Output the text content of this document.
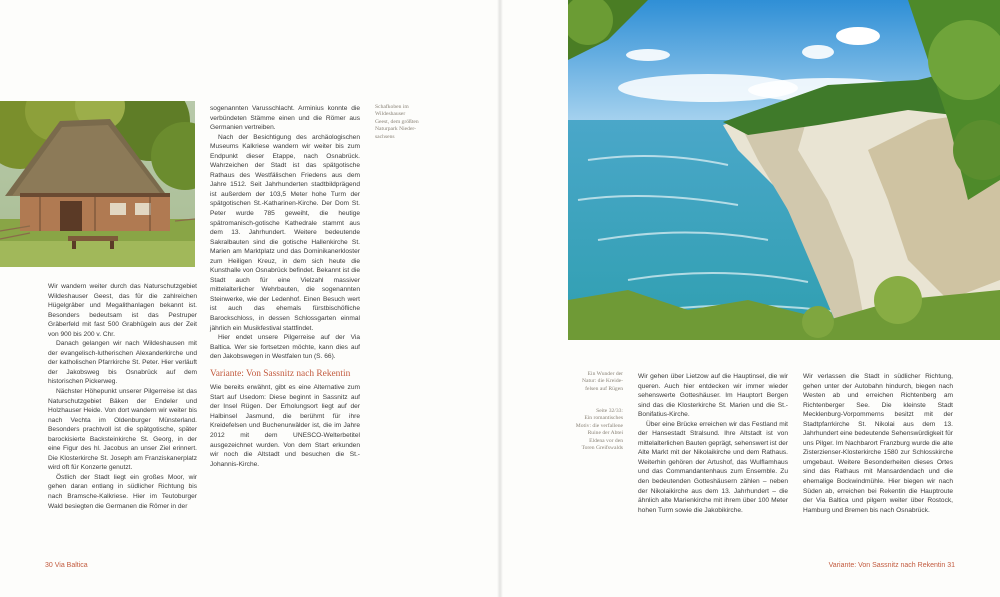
Schafkoben im
Wildeshauser
Geest, dem größten
Naturpark Nieder-
sachsens

Wir wandern weiter durch das Naturschutzgebiet Wildeshauser Geest, das für die zahlreichen Hügelgräber und Megalithanlagen bekannt ist. Besonders bedeutsam ist das Pestruper Gräberfeld mit fast 500 Grabhügeln aus der Zeit von 900 bis 200 v. Chr.

Danach gelangen wir nach Wildeshausen mit der evangelisch-lutherischen Alexanderkirche und der katholischen Pfarrkirche St. Peter. Hier verläuft der Jakobsweg bis Osnabrück auf dem historischen Pickerweg.

Nächster Höhepunkt unserer Pilgerreise ist das Naturschutzgebiet Bäken der Endeler und Holzhauser Heide. Von dort wandern wir weiter bis nach Vechta im Oldenburger Münsterland. Besonders prachtvoll ist die spätgotische, später barockisierte Backsteinkirche St. Georg, in der eine Figur des hl. Jacobus an unser Ziel erinnert. Die Klosterkirche St. Joseph am Franziskanerplatz wird oft für Konzerte genutzt.

Östlich der Stadt liegt ein großes Moor, wir gehen daran entlang in südlicher Richtung bis nach Bramsche-Kalkriese. Hier im Teutoburger Wald besiegten die Germanen die Römer in der

sogenannten Varusschlacht. Arminius konnte die verbündeten Stämme einen und die Römer aus Germanien vertreiben.

Nach der Besichtigung des archäologischen Museums Kalkriese wandern wir weiter bis zum Endpunkt dieser Etappe, nach Osnabrück. Wahrzeichen der Stadt ist das spätgotische Rathaus des Westfälischen Friedens aus dem Jahre 1512. Seit Jahrhunderten stadtbildprägend ist außerdem der 103,5 Meter hohe Turm der spätgotischen St.-Katharinen-Kirche. Der Dom St. Peter wurde 785 geweiht, die heutige spätromanisch-gotische Kathedrale stammt aus dem 13. Jahrhundert. Weitere bedeutende Sakralbauten sind die gotische Hallenkirche St. Marien am Marktplatz und das Dominikanerkloster zum Heiligen Kreuz, in dem sich heute die Kunsthalle von Osnabrück befindet. Bekannt ist die Stadt auch für eine Vielzahl massiver mittelalterlicher Wehrbauten, die sogenannten Steinwerke, wie der Ledenhof. Einen Besuch wert ist auch das ehemals fürstbischöfliche Barockschloss, in dessen Schlossgarten einmal jährlich ein Musikfestival stattfindet.

Hier endet unsere Pilgerreise auf der Via Baltica. Wer sie fortsetzen möchte, kann dies auf den Jakobswegen in Westfalen tun (S. 66).

Variante: Von Sassnitz nach Rekentin

Wie bereits erwähnt, gibt es eine Alternative zum Start auf Usedom: Diese beginnt in Sassnitz auf der Insel Rügen. Der Erholungsort liegt auf der Halbinsel Jasmund, die berühmt für ihre Kreidefelsen und Buchenurwälder ist, die im Jahre 2012 mit dem UNESCO-Welterbetitel ausgezeichnet wurden. Von dem Start erkunden wir noch die Altstadt und besuchen die St.-Johannis-Kirche.

30 Via Baltica
Ein Wunder der
Natur: die Kreide-
felsen auf Rügen
Seite 32/33:
Ein romantisches
Motiv: die verfallene
Ruine der Abtei
Eldena vor den
Toren Greifswalds

Wir gehen über Lietzow auf die Hauptinsel, die wir queren. Auch hier entdecken wir immer wieder sehenswerte Gotteshäuser. Im Hauptort Bergen sind das die Klosterkirche St. Marien und die St.-Bonifatius-Kirche.

Über eine Brücke erreichen wir das Festland mit der Hansestadt Stralsund. Ihre Altstadt ist von mittelalterlichen Bauten geprägt, sehenswert ist der Alte Markt mit der Nikolaikirche und dem Rathaus. Weiterhin gehören der Artushof, das Wulflamhaus und das Commandantenhaus zum Ensemble. Zu den bedeutenden Gotteshäusern zählen – neben der Nikolaikirche aus dem 13. Jahrhundert – die ähnlich alte Marienkirche mit ihrem über 100 Meter hohen Turm sowie die Jakobikirche.

Wir verlassen die Stadt in südlicher Richtung, gehen unter der Autobahn hindurch, biegen nach Westen ab und erreichen Richtenberg am Richtenberger See. Die kleinste Stadt Mecklenburg-Vorpommerns besitzt mit der Stadtpfarrkirche St. Nikolai aus dem 13. Jahrhundert eine bedeutende Sehenswürdigkeit für uns Pilger. Im Nachbarort Franzburg wurde die alte Zisterzienser-Klosterkirche 1580 zur Schlosskirche umgebaut. Weitere Besonderheiten dieses Ortes sind das Rathaus mit Mansardendach und die ehemalige Bockwindmühle. Hier biegen wir nach Süden ab, erreichen bei Rekentin die Hauptroute der Via Baltica und pilgern weiter über Rostock, Hamburg und Bremen bis nach Osnabrück.

Variante: Von Sassnitz nach Rekentin 31
